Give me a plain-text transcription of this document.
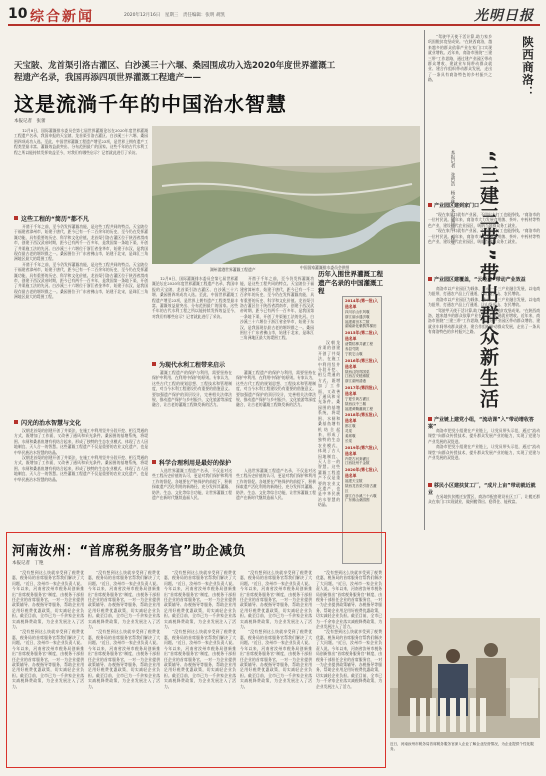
10 综合新闻	2020年12月16日　星期三　责任编辑：张明 胡凯	光明日报
天宝陂、龙首渠引洛古灌区、白沙溪三十六堰、桑园围成功入选2020年度世界灌溉工程遗产名录，我国再添四项世界灌溉工程遗产——
这是流淌千年的中国治水智慧
本报记者　张蕾

12月8日，国际灌溉排水委员会第七届世界灌溉论坛在2020年度世界灌溉工程遗产名录，我国申报的天宝陂、龙首渠引洛古灌区、白沙溪三十六堰、桑园围四项成功入选。至此，中国世界灌溉工程遗产增至23项，是世界上拥有遗产工程类型最丰富、灌溉效益最突出、分布范围最广的国家。这些千年的古代水利工程之所以能持续发挥效益至今，对我们有哪些启示？记者就此进行了采访。

这些工程的“简历”都不凡

开凿于千年之前，至今仍发挥灌溉功能，是这些工程共同的特点。天宝陂位于福建省漳州市，始建于唐代，距今已有一千二百余年的历史，至今仍在发挥灌溉功能，具有重要的历史、科学和文化价值。龙首渠引洛古灌区位于陕西省渭南市，创建于西汉武帝时期，距今已有两千一百多年，是我国第一条地下渠，开创了井渠施工法的先河。白沙溪三十六堰位于浙江省金华市，始建于东汉，是我国现存最古老的堰坝群之一。桑园围位于广东省佛山市，始建于北宋，是珠江三角洲地区最大的堤围工程。

开凿于千年之前，至今仍发挥灌溉功能，是这些工程共同的特点。天宝陂位于福建省漳州市，始建于唐代，距今已有一千二百余年的历史，至今仍在发挥灌溉功能，具有重要的历史、科学和文化价值。龙首渠引洛古灌区位于陕西省渭南市，创建于西汉武帝时期，距今已有两千一百多年，是我国第一条地下渠，开创了井渠施工法的先河。白沙溪三十六堰位于浙江省金华市，始建于东汉，是我国现存最古老的堰坝群之一。桑园围位于广东省佛山市，始建于北宋，是珠江三角洲地区最大的堤围工程。

闪光的治水智慧与文化

汉朝龙首渠的创建开创了井渠法，在施工中利用竖井分段开挖、相互贯通的方式，既增加了工作面，又改善了通风和采光条件。桑园围的基塘系统，将堤围、水闸和桑基鱼塘有机结合起来，形成了独特的生态农业模式，体现了古人因地制宜、天人合一的智慧。这些灌溉工程遗产不仅是重要的农业文化遗产，也是中华民族治水智慧的结晶。

汉朝龙首渠的创建开创了井渠法，在施工中利用竖井分段开挖、相互贯通的方式，既增加了工作面，又改善了通风和采光条件。桑园围的基塘系统，将堤围、水闸和桑基鱼塘有机结合起来，形成了独特的生态农业模式，体现了古人因地制宜、天人合一的智慧。这些灌溉工程遗产不仅是重要的农业文化遗产，也是中华民族治水智慧的结晶。

湖州溇港世界灌溉工程遗产	中国国家灌溉排水委员会供图
历年入围世界灌溉工程遗产名录的中国灌溉工程
2014年(第一批)入选名单
四川乐山东风堰
浙江丽水通济堰
福建莆田木兰陂
湖南新化紫鹊界梯田
2015年(第二批)入选名单
诸暨桔槔井灌工程
寿县芍陂
宁波它山堰
2016年(第三批)入选名单
陕西泾阳郑国渠
江西吉安槎滩陂
浙江湖州溇港
2017年(第四批)入选名单
宁夏引黄古灌区
陕西汉中三堰
福建黄鞠灌溉工程
2018年(第五批)入选名单
都江堰
灵渠
姜席堰
长渠
2019年(第六批)入选名单
内蒙古河套灌区
江西抚州千金陂
2020年(第七批)入选名单
福建天宝陂
陕西龙首渠引洛古灌区
浙江白沙溪三十六堰
广东佛山桑园围

12月8日，国际灌溉排水委员会第七届世界灌溉论坛在2020年度世界灌溉工程遗产名录，我国申报的天宝陂、龙首渠引洛古灌区、白沙溪三十六堰、桑园围四项成功入选。至此，中国世界灌溉工程遗产增至23项，是世界上拥有遗产工程类型最丰富、灌溉效益最突出、分布范围最广的国家。这些千年的古代水利工程之所以能持续发挥效益至今，对我们有哪些启示？记者就此进行了采访。

开凿于千年之前，至今仍发挥灌溉功能，是这些工程共同的特点。天宝陂位于福建省漳州市，始建于唐代，距今已有一千二百余年的历史，至今仍在发挥灌溉功能，具有重要的历史、科学和文化价值。龙首渠引洛古灌区位于陕西省渭南市，创建于西汉武帝时期，距今已有两千一百多年，是我国第一条地下渠，开创了井渠施工法的先河。白沙溪三十六堰位于浙江省金华市，始建于东汉，是我国现存最古老的堰坝群之一。桑园围位于广东省佛山市，始建于北宋，是珠江三角洲地区最大的堤围工程。

为现代水利工程带来启示

灌溉工程遗产的保护与利用，需要坚持在保护中利用、在利用中保护的原则。专家认为，这些古代工程的规划思想、工程技术和管理制度，对当今水利工程建设仍有重要的借鉴意义。要加强遗产保护的顶层设计，完善相关法律法规，推动遗产保护与乡村振兴、文化旅游等深度融合，让古老的灌溉工程焕发新的活力。

灌溉工程遗产的保护与利用，需要坚持在保护中利用、在利用中保护的原则。专家认为，这些古代工程的规划思想、工程技术和管理制度，对当今水利工程建设仍有重要的借鉴意义。要加强遗产保护的顶层设计，完善相关法律法规，推动遗产保护与乡村振兴、文化旅游等深度融合，让古老的灌溉工程焕发新的活力。

科学合理利用是最好的保护

入选世界灌溉工程遗产名录，不仅是对这些工程历史价值的认可，更是对我们保护和利用工作的督促。各地要在严格保护的前提下，积极探索遗产活化利用的新路径，充分发挥其灌溉、防洪、生态、文化等综合功能，让世界灌溉工程遗产在新时代继续造福人民。

入选世界灌溉工程遗产名录，不仅是对这些工程历史价值的认可，更是对我们保护和利用工作的督促。各地要在严格保护的前提下，积极探索遗产活化利用的新路径，充分发挥其灌溉、防洪、生态、文化等综合功能，让世界灌溉工程遗产在新时代继续造福人民。

汉朝龙首渠的创建开创了井渠法，在施工中利用竖井分段开挖、相互贯通的方式，既增加了工作面，又改善了通风和采光条件。桑园围的基塘系统，将堤围、水闸和桑基鱼塘有机结合起来，形成了独特的生态农业模式，体现了古人因地制宜、天人合一的智慧。这些灌溉工程遗产不仅是重要的农业文化遗产，也是中华民族治水智慧的结晶。

陕西商洛：
“三建三带”带出群众新生活
本报记者　张哲浩　杨永林　本报通讯员　程昱

“驾驶甲天使干活计算,助力家乡巩固脱贫攻坚成果。”在陕西商洛，越来越多的群众依靠产业在家门口实现就业增收。近年来，商洛市围绕“三建三带”工作思路，通过建产业园区带动群众增收、建就业车间带动群众就业、建合作组织带动群众发展，走出了一条具有商洛特色的乡村振兴之路。

产业园区建到家门口

“现在家门口就有产业园，不用出去打工也能挣钱。”商洛市的一位村民说。近年来，商洛市大力发展食用菌、茶叶、中药材等特色产业，建设现代农业园区，吸纳当地群众务工就业。

“现在家门口就有产业园，不用出去打工也能挣钱。”商洛市的一位村民说。近年来，商洛市大力发展食用菌、茶叶、中药材等特色产业，建设现代农业园区，吸纳当地群众务工就业。

产业园区建覆盖，“云经济”带动产业效益

商洛市以产业园区为载体，推动一二三产业融合发展，以电商为纽带，打通农产品上行通道，让山货出山、农民增收。

商洛市以产业园区为载体，推动一二三产业融合发展，以电商为纽带，打通农产品上行通道，让山货出山、农民增收。

“驾驶甲天使干活计算,助力家乡巩固脱贫攻坚成果。”在陕西商洛，越来越多的群众依靠产业在家门口实现就业增收。近年来，商洛市围绕“三建三带”工作思路，通过建产业园区带动群众增收、建就业车间带动群众就业、建合作组织带动群众发展，走出了一条具有商洛特色的乡村振兴之路。

产业链上建党小组，“流动课”入“带动增收答案”

商洛市把党小组建在产业链上，让党员带头示范，通过“流动课堂”向群众传授技术，提升群众发展产业的能力，实现了党建与产业发展的双促进。

商洛市把党小组建在产业链上，让党员带头示范，通过“流动课堂”向群众传授技术，提升群众发展产业的能力，实现了党建与产业发展的双促进。

移民小区建扶贫工厂，“成片上亩”带动就近就业

在易地扶贫搬迁安置区，商洛市配套建设社区工厂，让搬迁群众在家门口实现就业，做到搬得出、稳得住、能致富。

河南汝州：“首席税务服务官”助企减负
本报记者　丁艳

“没有想到这么快就享受到了税费优惠，税务局的首席服务官帮我们解决了大问题。”近日，汝州市一家企业负责人说。今年以来，河南省汝州市税务局创新推出“首席税务服务官”制度，由税务干部担任企业的首席服务官，一对一为企业提供政策辅导、办税指导等服务，帮助企业用足用好税费优惠政策，切实减轻企业负担。截至目前，全市已为一千余家企业落实减税降费政策，为企业发展注入了活力。

“没有想到这么快就享受到了税费优惠，税务局的首席服务官帮我们解决了大问题。”近日，汝州市一家企业负责人说。今年以来，河南省汝州市税务局创新推出“首席税务服务官”制度，由税务干部担任企业的首席服务官，一对一为企业提供政策辅导、办税指导等服务，帮助企业用足用好税费优惠政策，切实减轻企业负担。截至目前，全市已为一千余家企业落实减税降费政策，为企业发展注入了活力。

“没有想到这么快就享受到了税费优惠，税务局的首席服务官帮我们解决了大问题。”近日，汝州市一家企业负责人说。今年以来，河南省汝州市税务局创新推出“首席税务服务官”制度，由税务干部担任企业的首席服务官，一对一为企业提供政策辅导、办税指导等服务，帮助企业用足用好税费优惠政策，切实减轻企业负担。截至目前，全市已为一千余家企业落实减税降费政策，为企业发展注入了活力。

“没有想到这么快就享受到了税费优惠，税务局的首席服务官帮我们解决了大问题。”近日，汝州市一家企业负责人说。今年以来，河南省汝州市税务局创新推出“首席税务服务官”制度，由税务干部担任企业的首席服务官，一对一为企业提供政策辅导、办税指导等服务，帮助企业用足用好税费优惠政策，切实减轻企业负担。截至目前，全市已为一千余家企业落实减税降费政策，为企业发展注入了活力。

“没有想到这么快就享受到了税费优惠，税务局的首席服务官帮我们解决了大问题。”近日，汝州市一家企业负责人说。今年以来，河南省汝州市税务局创新推出“首席税务服务官”制度，由税务干部担任企业的首席服务官，一对一为企业提供政策辅导、办税指导等服务，帮助企业用足用好税费优惠政策，切实减轻企业负担。截至目前，全市已为一千余家企业落实减税降费政策，为企业发展注入了活力。

“没有想到这么快就享受到了税费优惠，税务局的首席服务官帮我们解决了大问题。”近日，汝州市一家企业负责人说。今年以来，河南省汝州市税务局创新推出“首席税务服务官”制度，由税务干部担任企业的首席服务官，一对一为企业提供政策辅导、办税指导等服务，帮助企业用足用好税费优惠政策，切实减轻企业负担。截至目前，全市已为一千余家企业落实减税降费政策，为企业发展注入了活力。

“没有想到这么快就享受到了税费优惠，税务局的首席服务官帮我们解决了大问题。”近日，汝州市一家企业负责人说。今年以来，河南省汝州市税务局创新推出“首席税务服务官”制度，由税务干部担任企业的首席服务官，一对一为企业提供政策辅导、办税指导等服务，帮助企业用足用好税费优惠政策，切实减轻企业负担。截至目前，全市已为一千余家企业落实减税降费政策，为企业发展注入了活力。

“没有想到这么快就享受到了税费优惠，税务局的首席服务官帮我们解决了大问题。”近日，汝州市一家企业负责人说。今年以来，河南省汝州市税务局创新推出“首席税务服务官”制度，由税务干部担任企业的首席服务官，一对一为企业提供政策辅导、办税指导等服务，帮助企业用足用好税费优惠政策，切实减轻企业负担。截至目前，全市已为一千余家企业落实减税降费政策，为企业发展注入了活力。

“没有想到这么快就享受到了税费优惠，税务局的首席服务官帮我们解决了大问题。”近日，汝州市一家企业负责人说。今年以来，河南省汝州市税务局创新推出“首席税务服务官”制度，由税务干部担任企业的首席服务官，一对一为企业提供政策辅导、办税指导等服务，帮助企业用足用好税费优惠政策，切实减轻企业负担。截至目前，全市已为一千余家企业落实减税降费政策，为企业发展注入了活力。

“没有想到这么快就享受到了税费优惠，税务局的首席服务官帮我们解决了大问题。”近日，汝州市一家企业负责人说。今年以来，河南省汝州市税务局创新推出“首席税务服务官”制度，由税务干部担任企业的首席服务官，一对一为企业提供政策辅导、办税指导等服务，帮助企业用足用好税费优惠政策，切实减轻企业负担。截至目前，全市已为一千余家企业落实减税降费政策，为企业发展注入了活力。

近日，河南汝州市税务局首席税务服务官深入企业了解企业经营情况，为企业提供个性化服务。
